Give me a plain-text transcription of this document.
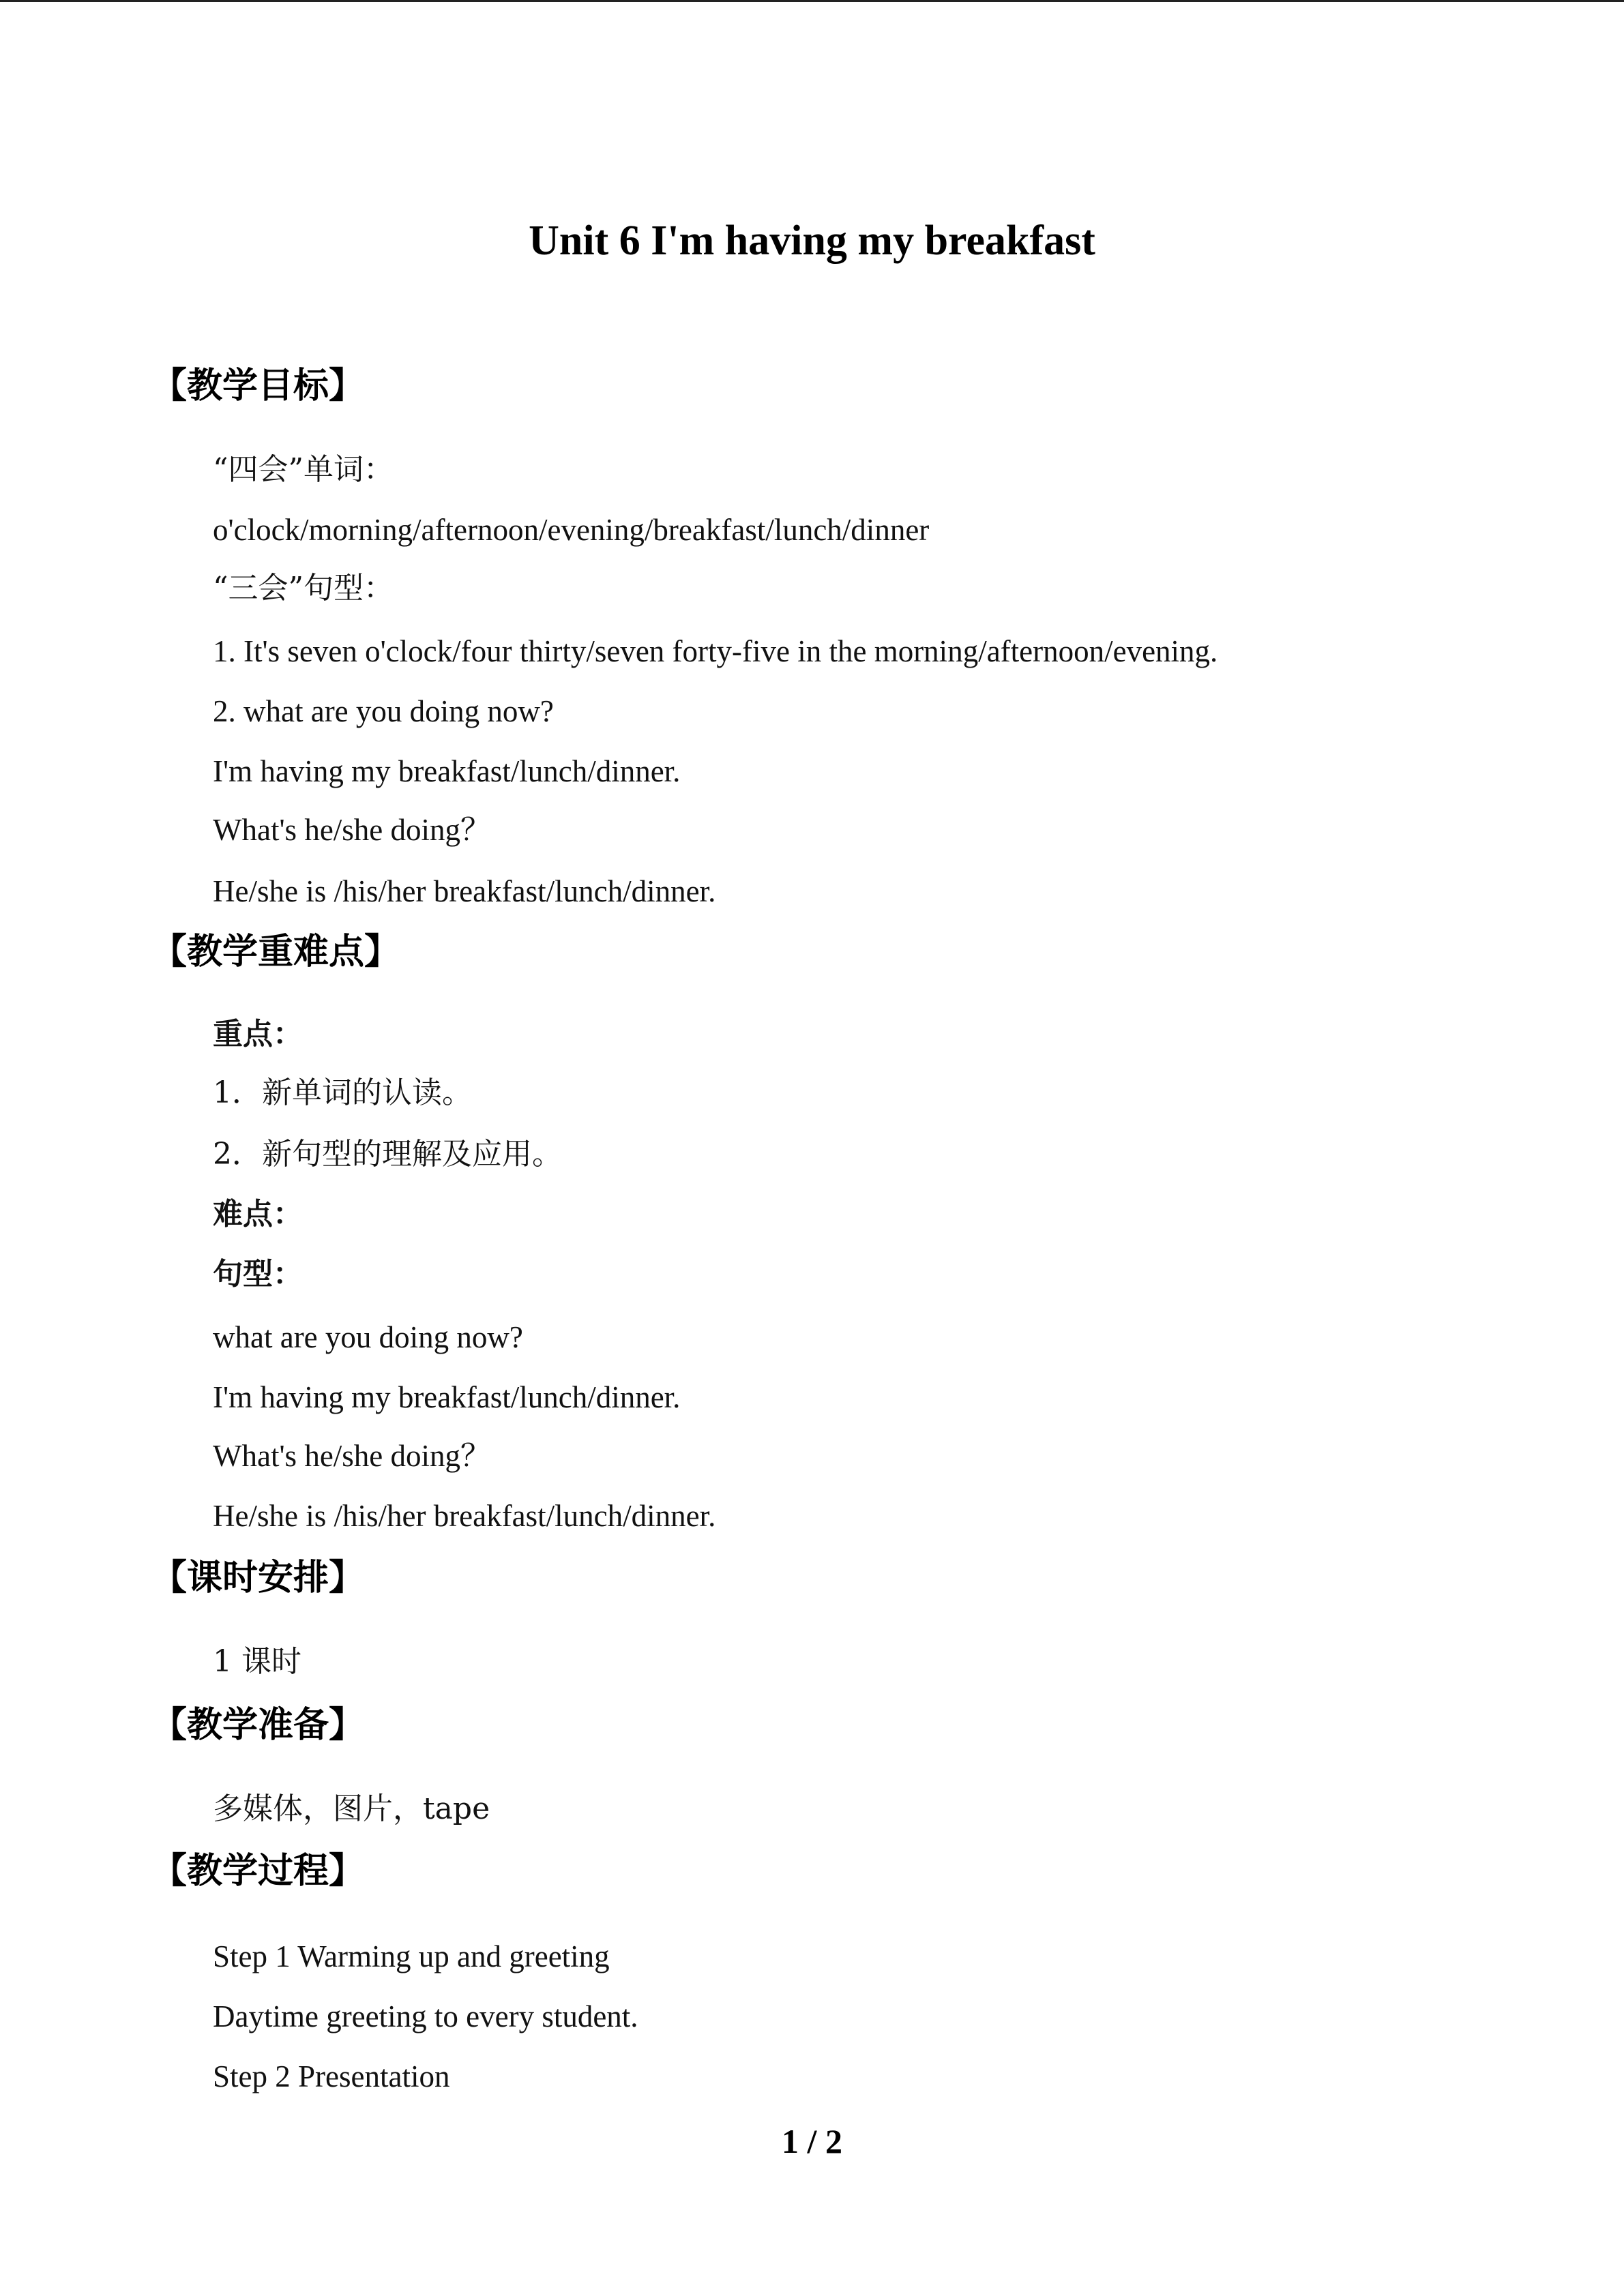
Unit 6 I'm having my breakfast
【教学目标】
“四会”单词：
o'clock/morning/afternoon/evening/breakfast/lunch/dinner
“三会”句型：
1. It's seven o'clock/four thirty/seven forty-five in the morning/afternoon/evening.
2. what are you doing now?
I'm having my breakfast/lunch/dinner.
What's he/she doing？
He/she is /his/her breakfast/lunch/dinner.
【教学重难点】
重点：
1．新单词的认读。
2．新句型的理解及应用。
难点：
句型：
what are you doing now?
I'm having my breakfast/lunch/dinner.
What's he/she doing？
He/she is /his/her breakfast/lunch/dinner.
【课时安排】
1 课时
【教学准备】
多媒体，图片，tape
【教学过程】
Step 1 Warming up and greeting
Daytime greeting to every student.
Step 2 Presentation
1 / 2
